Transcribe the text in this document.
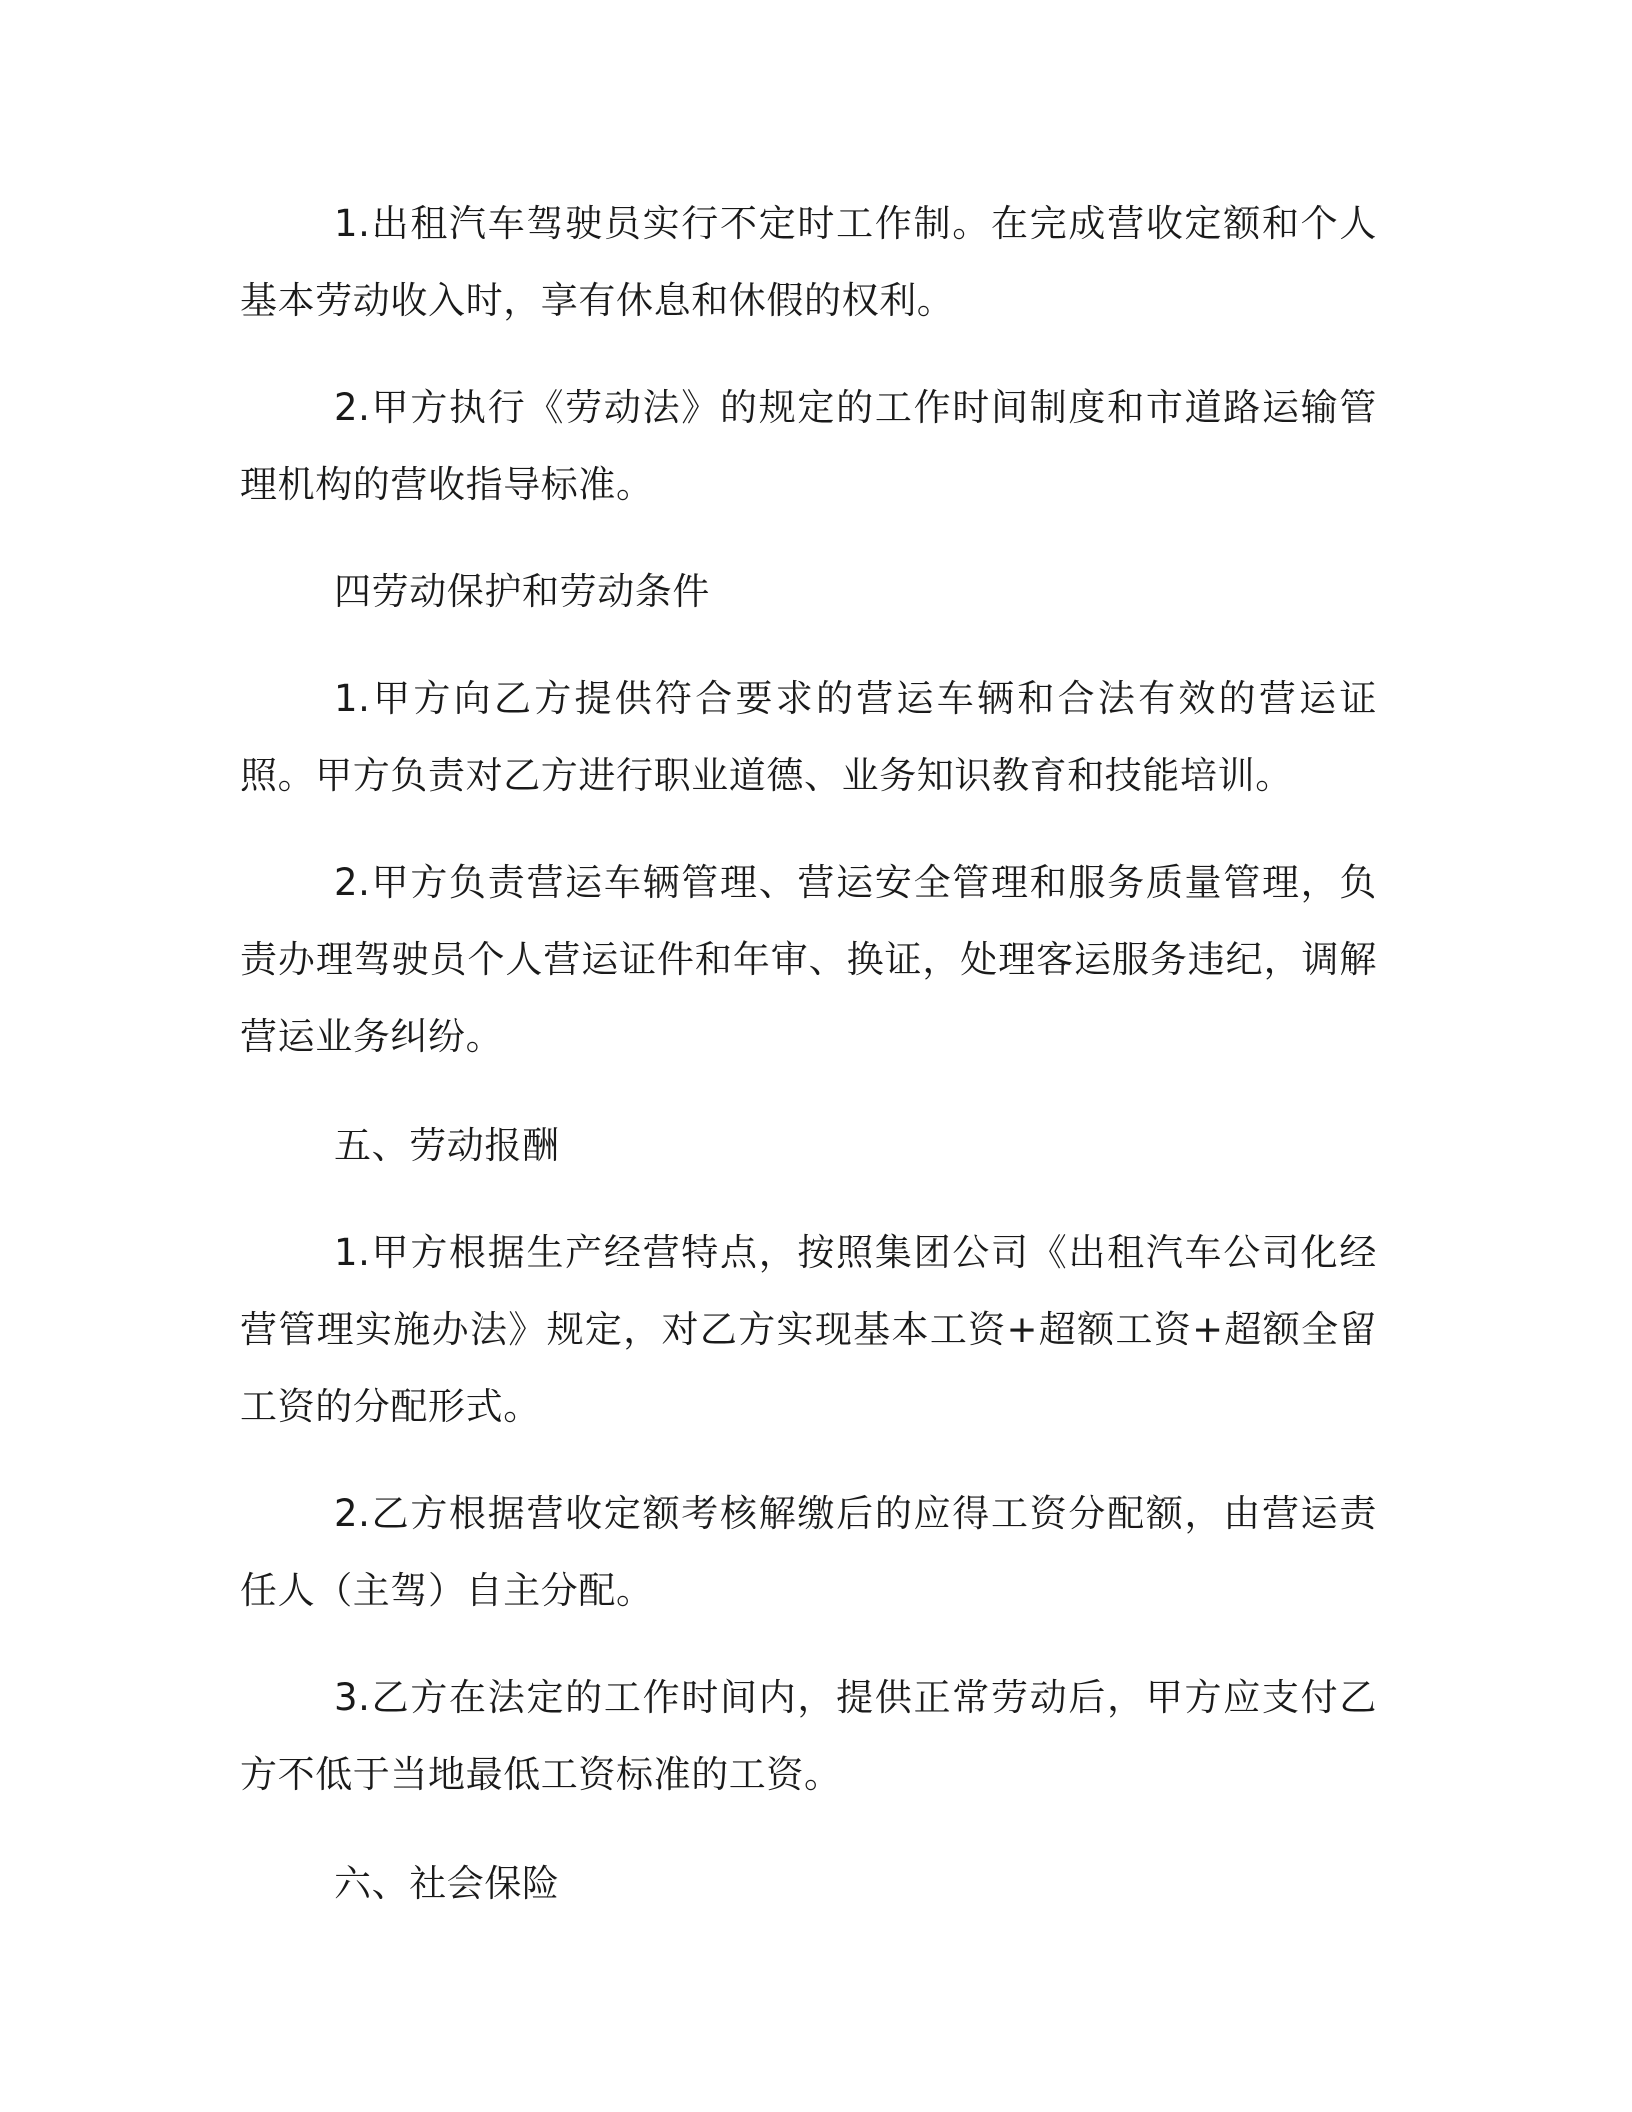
1.出租汽车驾驶员实行不定时工作制。在完成营收定额和个人基本劳动收入时，享有休息和休假的权利。

2.甲方执行《劳动法》的规定的工作时间制度和市道路运输管理机构的营收指导标准。

四劳动保护和劳动条件

1.甲方向乙方提供符合要求的营运车辆和合法有效的营运证照。甲方负责对乙方进行职业道德、业务知识教育和技能培训。

2.甲方负责营运车辆管理、营运安全管理和服务质量管理，负责办理驾驶员个人营运证件和年审、换证，处理客运服务违纪，调解营运业务纠纷。

五、劳动报酬

1.甲方根据生产经营特点，按照集团公司《出租汽车公司化经营管理实施办法》规定，对乙方实现基本工资+超额工资+超额全留工资的分配形式。

2.乙方根据营收定额考核解缴后的应得工资分配额，由营运责任人（主驾）自主分配。

3.乙方在法定的工作时间内，提供正常劳动后，甲方应支付乙方不低于当地最低工资标准的工资。

六、社会保险
